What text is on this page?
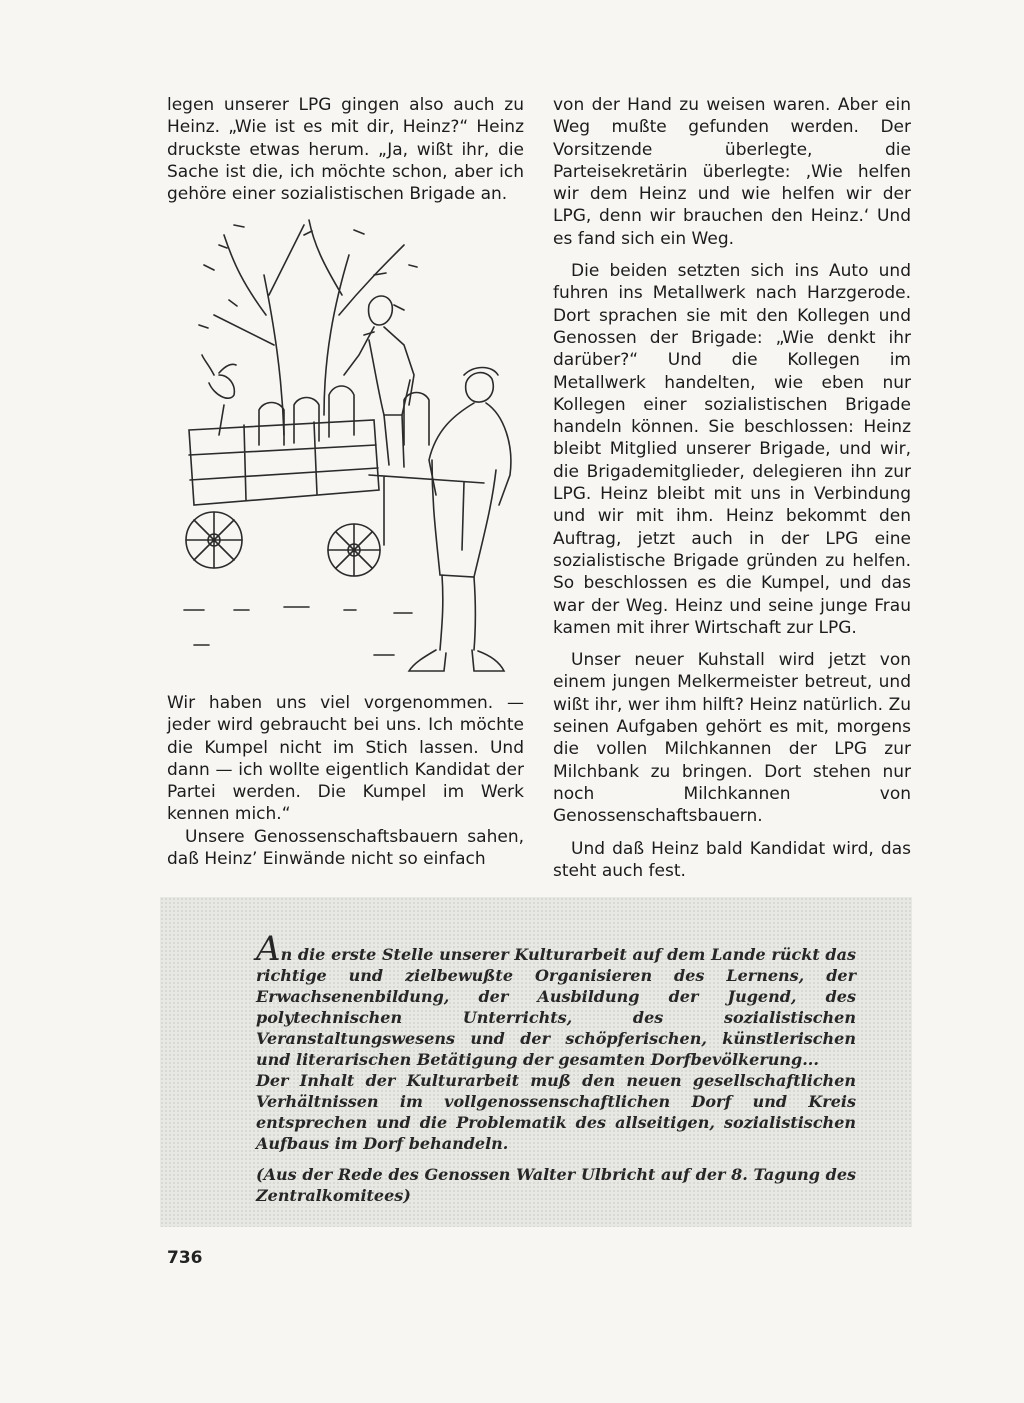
legen unserer LPG gingen also auch zu Heinz. „Wie ist es mit dir, Heinz?“ Heinz druckste etwas herum. „Ja, wißt ihr, die Sache ist die, ich möchte schon, aber ich gehöre einer sozialistischen Brigade an.

Wir haben uns viel vorgenommen. — jeder wird gebraucht bei uns. Ich möchte die Kumpel nicht im Stich lassen. Und dann — ich wollte eigentlich Kandidat der Partei werden. Die Kumpel im Werk kennen mich.“

Unsere Genossenschaftsbauern sahen, daß Heinz’ Einwände nicht so einfach

von der Hand zu weisen waren. Aber ein Weg mußte gefunden werden. Der Vorsitzende überlegte, die Parteisekretärin überlegte: ‚Wie helfen wir dem Heinz und wie helfen wir der LPG, denn wir brauchen den Heinz.‘ Und es fand sich ein Weg.

Die beiden setzten sich ins Auto und fuhren ins Metallwerk nach Harzgerode. Dort sprachen sie mit den Kollegen und Genossen der Brigade: „Wie denkt ihr darüber?“ Und die Kollegen im Metallwerk handelten, wie eben nur Kollegen einer sozialistischen Brigade handeln können. Sie beschlossen: Heinz bleibt Mitglied unserer Brigade, und wir, die Brigademitglieder, delegieren ihn zur LPG. Heinz bleibt mit uns in Verbindung und wir mit ihm. Heinz bekommt den Auftrag, jetzt auch in der LPG eine sozialistische Brigade gründen zu helfen. So beschlossen es die Kumpel, und das war der Weg. Heinz und seine junge Frau kamen mit ihrer Wirtschaft zur LPG.

Unser neuer Kuhstall wird jetzt von einem jungen Melkermeister betreut, und wißt ihr, wer ihm hilft? Heinz natürlich. Zu seinen Aufgaben gehört es mit, morgens die vollen Milchkannen der LPG zur Milchbank zu bringen. Dort stehen nur noch Milchkannen von Genossenschaftsbauern.

Und daß Heinz bald Kandidat wird, das steht auch fest.

An die erste Stelle unserer Kulturarbeit auf dem Lande rückt das richtige und zielbewußte Organisieren des Lernens, der Erwachsenenbildung, der Ausbildung der Jugend, des polytechnischen Unterrichts, des sozialistischen Veranstaltungswesens und der schöpferischen, künstlerischen und literarischen Betätigung der gesamten Dorfbevölkerung...

Der Inhalt der Kulturarbeit muß den neuen gesellschaftlichen Verhältnissen im vollgenossenschaftlichen Dorf und Kreis entsprechen und die Problematik des allseitigen, sozialistischen Aufbaus im Dorf behandeln.

(Aus der Rede des Genossen Walter Ulbricht auf der 8. Tagung des Zentralkomitees)

736
